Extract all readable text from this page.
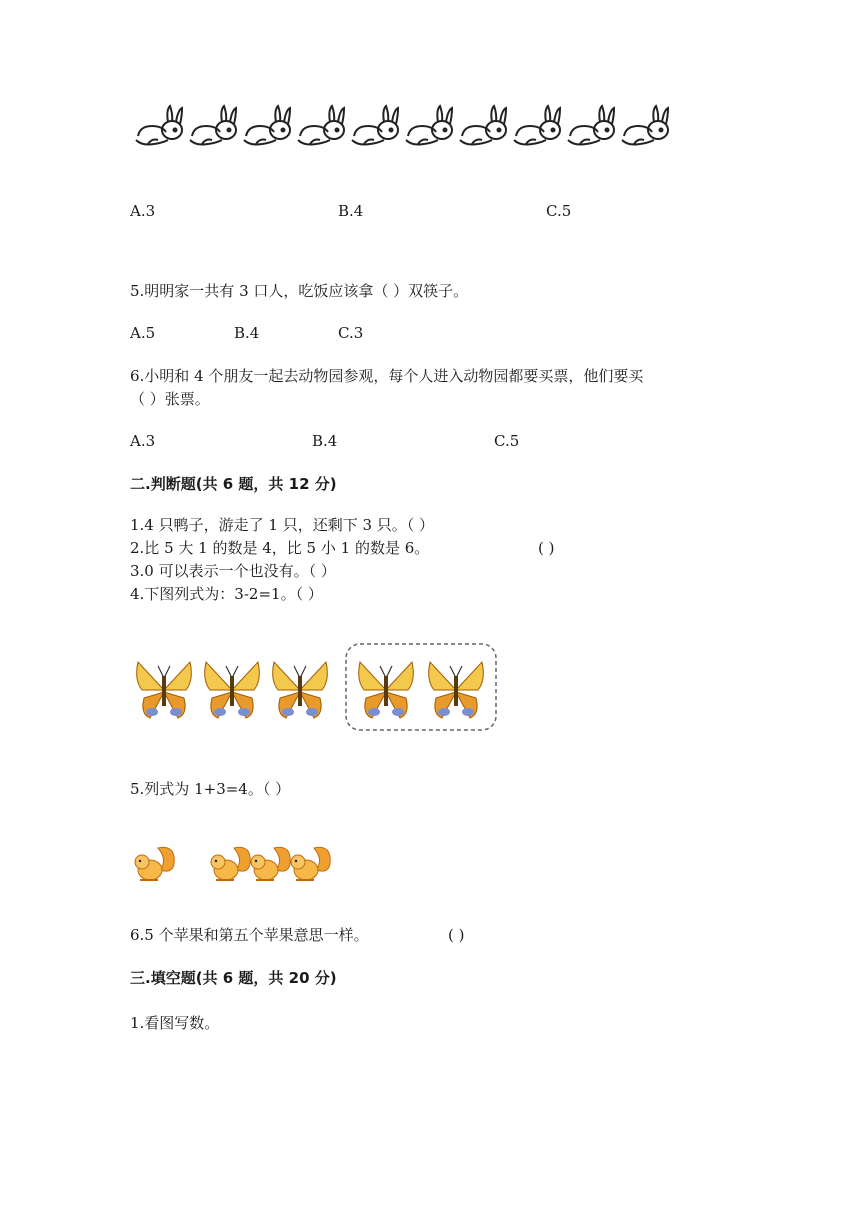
A.3	B.4	C.5
5.明明家一共有 3 口人，吃饭应该拿（ ）双筷子。
A.5	B.4	C.3
6.小明和 4 个朋友一起去动物园参观，每个人进入动物园都要买票，他们要买
（ ）张票。
A.3	B.4	C.5
二.判断题(共 6 题，共 12 分)
1.4 只鸭子，游走了 1 只，还剩下 3 只。（ ）
2.比 5 大 1 的数是 4，比 5 小 1 的数是 6。	( )
3.0 可以表示一个也没有。（ ）
4.下图列式为：3-2=1。（ ）
5.列式为 1+3=4。（ ）
6.5 个苹果和第五个苹果意思一样。	( )
三.填空题(共 6 题，共 20 分)
1.看图写数。
